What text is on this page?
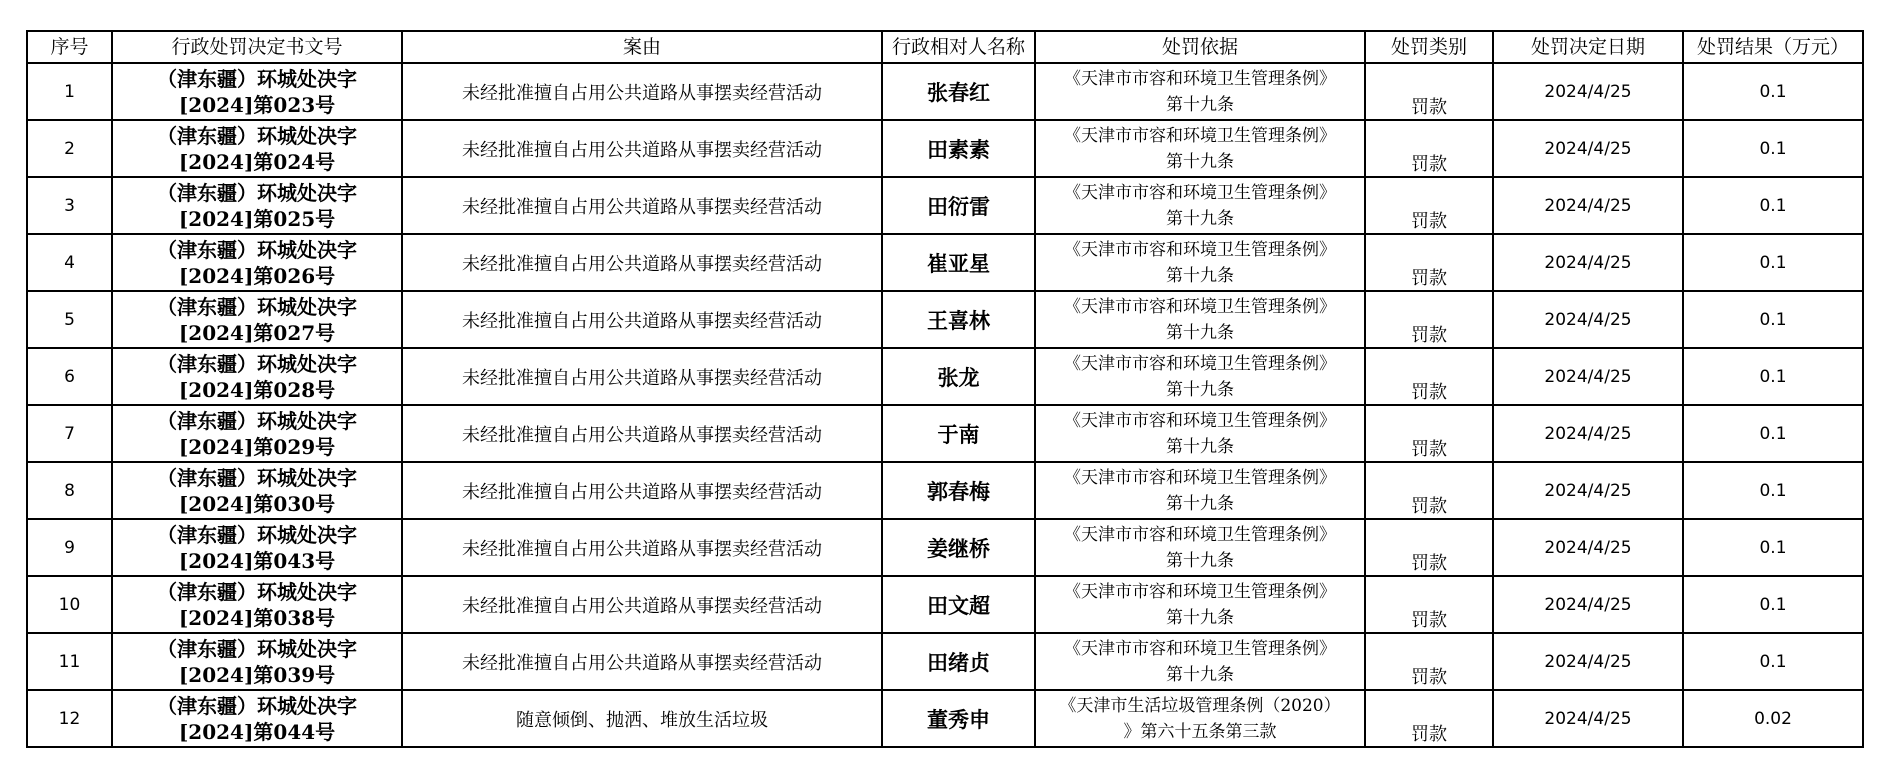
序号	行政处罚决定书文号	案由	行政相对人名称	处罚依据	处罚类别	处罚决定日期	处罚结果（万元）
1	（津东疆）环城处决字
[2024]第023号	未经批准擅自占用公共道路从事摆卖经营活动	张春红	《天津市市容和环境卫生管理条例》
第十九条	罚款	2024/4/25	0.1
2	（津东疆）环城处决字
[2024]第024号	未经批准擅自占用公共道路从事摆卖经营活动	田素素	《天津市市容和环境卫生管理条例》
第十九条	罚款	2024/4/25	0.1
3	（津东疆）环城处决字
[2024]第025号	未经批准擅自占用公共道路从事摆卖经营活动	田衍雷	《天津市市容和环境卫生管理条例》
第十九条	罚款	2024/4/25	0.1
4	（津东疆）环城处决字
[2024]第026号	未经批准擅自占用公共道路从事摆卖经营活动	崔亚星	《天津市市容和环境卫生管理条例》
第十九条	罚款	2024/4/25	0.1
5	（津东疆）环城处决字
[2024]第027号	未经批准擅自占用公共道路从事摆卖经营活动	王喜林	《天津市市容和环境卫生管理条例》
第十九条	罚款	2024/4/25	0.1
6	（津东疆）环城处决字
[2024]第028号	未经批准擅自占用公共道路从事摆卖经营活动	张龙	《天津市市容和环境卫生管理条例》
第十九条	罚款	2024/4/25	0.1
7	（津东疆）环城处决字
[2024]第029号	未经批准擅自占用公共道路从事摆卖经营活动	于南	《天津市市容和环境卫生管理条例》
第十九条	罚款	2024/4/25	0.1
8	（津东疆）环城处决字
[2024]第030号	未经批准擅自占用公共道路从事摆卖经营活动	郭春梅	《天津市市容和环境卫生管理条例》
第十九条	罚款	2024/4/25	0.1
9	（津东疆）环城处决字
[2024]第043号	未经批准擅自占用公共道路从事摆卖经营活动	姜继桥	《天津市市容和环境卫生管理条例》
第十九条	罚款	2024/4/25	0.1
10	（津东疆）环城处决字
[2024]第038号	未经批准擅自占用公共道路从事摆卖经营活动	田文超	《天津市市容和环境卫生管理条例》
第十九条	罚款	2024/4/25	0.1
11	（津东疆）环城处决字
[2024]第039号	未经批准擅自占用公共道路从事摆卖经营活动	田绪贞	《天津市市容和环境卫生管理条例》
第十九条	罚款	2024/4/25	0.1
12	（津东疆）环城处决字
[2024]第044号	随意倾倒、抛洒、堆放生活垃圾	董秀申	《天津市生活垃圾管理条例（2020）
》第六十五条第三款	罚款	2024/4/25	0.02
